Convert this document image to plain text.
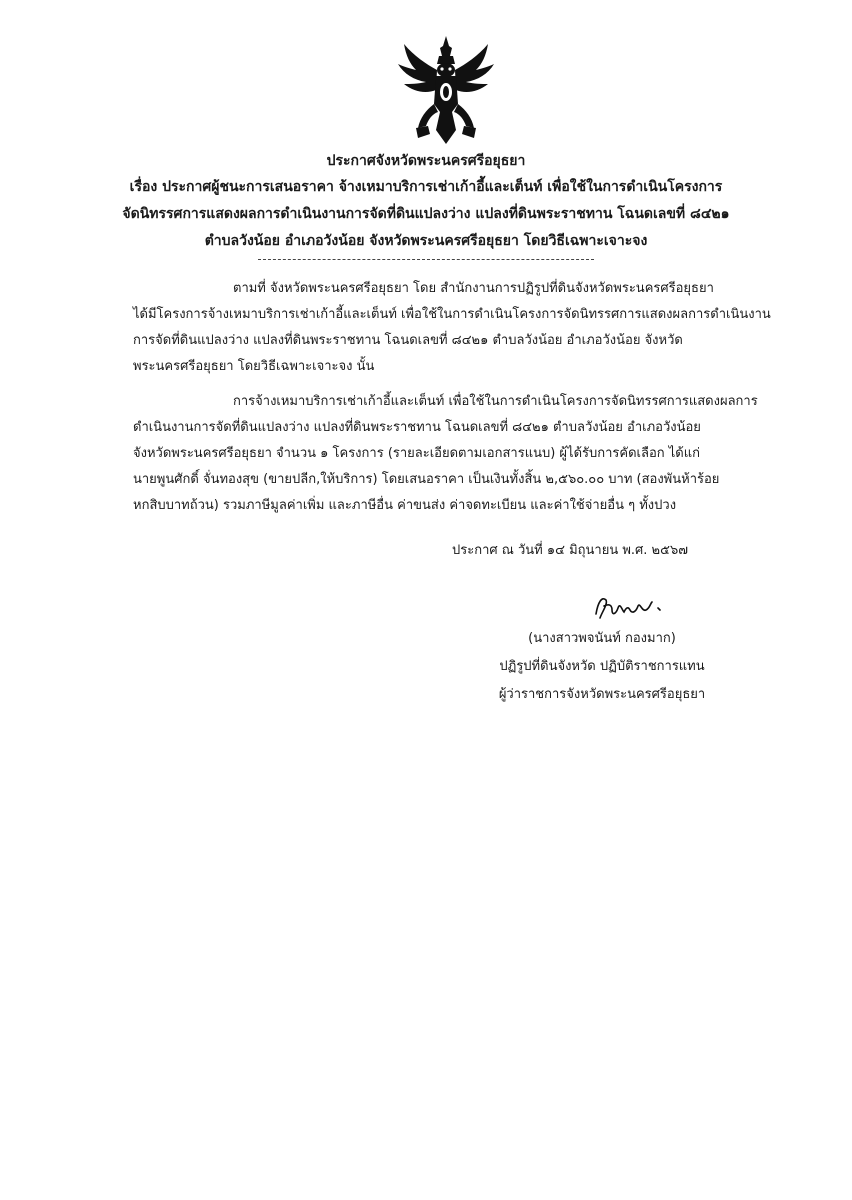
ประกาศจังหวัดพระนครศรีอยุธยา
เรื่อง ประกาศผู้ชนะการเสนอราคา จ้างเหมาบริการเช่าเก้าอี้และเต็นท์ เพื่อใช้ในการดำเนินโครงการ
จัดนิทรรศการแสดงผลการดำเนินงานการจัดที่ดินแปลงว่าง แปลงที่ดินพระราชทาน โฉนดเลขที่ ๘๔๒๑
ตำบลวังน้อย อำเภอวังน้อย จังหวัดพระนครศรีอยุธยา โดยวิธีเฉพาะเจาะจง
ตามที่ จังหวัดพระนครศรีอยุธยา โดย สำนักงานการปฏิรูปที่ดินจังหวัดพระนครศรีอยุธยา
ได้มีโครงการจ้างเหมาบริการเช่าเก้าอี้และเต็นท์ เพื่อใช้ในการดำเนินโครงการจัดนิทรรศการแสดงผลการดำเนินงาน
การจัดที่ดินแปลงว่าง แปลงที่ดินพระราชทาน โฉนดเลขที่ ๘๔๒๑ ตำบลวังน้อย อำเภอวังน้อย จังหวัด
พระนครศรีอยุธยา โดยวิธีเฉพาะเจาะจง นั้น
การจ้างเหมาบริการเช่าเก้าอี้และเต็นท์ เพื่อใช้ในการดำเนินโครงการจัดนิทรรศการแสดงผลการ
ดำเนินงานการจัดที่ดินแปลงว่าง แปลงที่ดินพระราชทาน โฉนดเลขที่ ๘๔๒๑ ตำบลวังน้อย อำเภอวังน้อย
จังหวัดพระนครศรีอยุธยา จำนวน ๑ โครงการ (รายละเอียดตามเอกสารแนบ) ผู้ได้รับการคัดเลือก ได้แก่
นายพูนศักดิ์ จั่นทองสุข (ขายปลีก,ให้บริการ) โดยเสนอราคา เป็นเงินทั้งสิ้น ๒,๕๖๐.๐๐ บาท (สองพันห้าร้อย
หกสิบบาทถ้วน) รวมภาษีมูลค่าเพิ่ม และภาษีอื่น ค่าขนส่ง ค่าจดทะเบียน และค่าใช้จ่ายอื่น ๆ ทั้งปวง
ประกาศ ณ วันที่ ๑๔ มิถุนายน พ.ศ. ๒๕๖๗
(นางสาวพจนันท์ กองมาก)
ปฏิรูปที่ดินจังหวัด ปฏิบัติราชการแทน
ผู้ว่าราชการจังหวัดพระนครศรีอยุธยา
